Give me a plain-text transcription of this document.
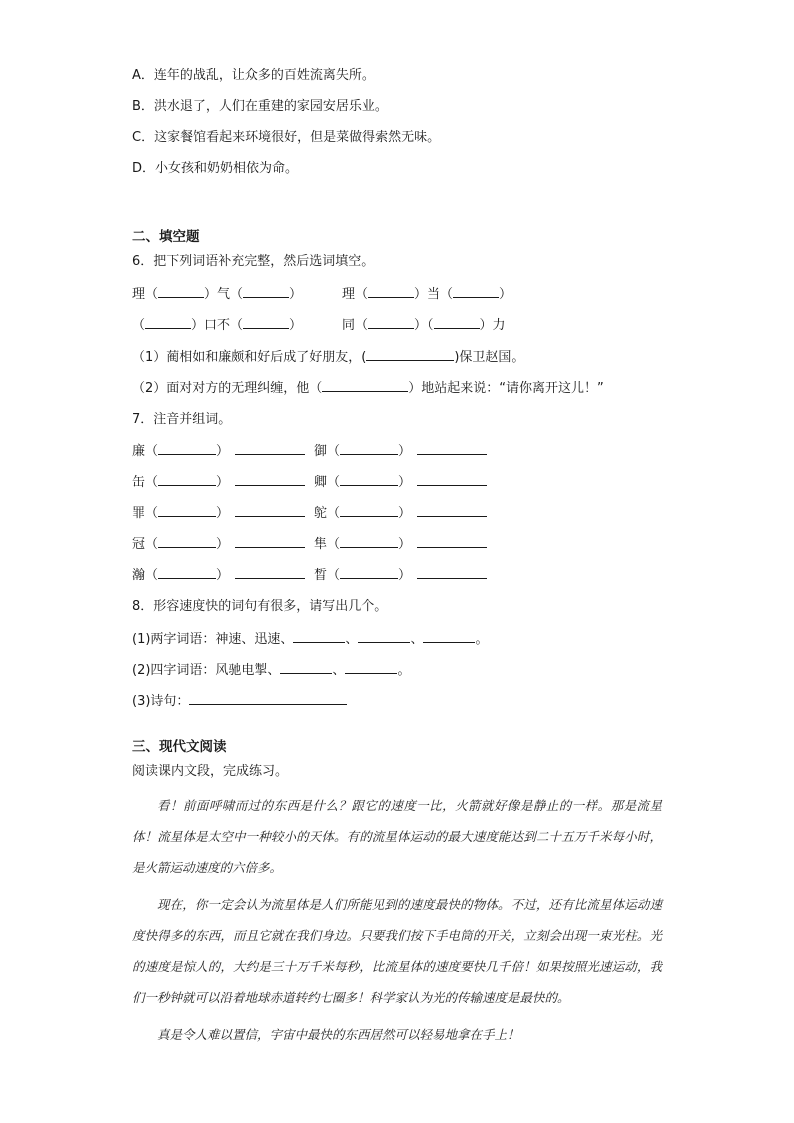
A．连年的战乱，让众多的百姓流离失所。
B．洪水退了，人们在重建的家园安居乐业。
C．这家餐馆看起来环境很好，但是菜做得索然无味。
D．小女孩和奶奶相依为命。
二、填空题
6．把下列词语补充完整，然后选词填空。
理（	）气（	）	理（	）当（	）
（	）口不（	）	同（	）（	）力
（1）蔺相如和廉颇和好后成了好朋友，(	)保卫赵国。
（2）面对对方的无理纠缠，他（	）地站起来说：“请你离开这儿！”
7．注音并组词。
廉（	）	御（	）
缶（	）	卿（	）
罪（	）	鸵（	）
冠（	）	隼（	）
瀚（	）	晳（	）
8．形容速度快的词句有很多，请写出几个。
(1)两字词语：神速、迅速、	、	、	。
(2)四字词语：风驰电掣、	、	。
(3)诗句：
三、现代文阅读
阅读课内文段，完成练习。

看！前面呼啸而过的东西是什么？跟它的速度一比，火箭就好像是静止的一样。那是流星体！流星体是太空中一种较小的天体。有的流星体运动的最大速度能达到二十五万千米每小时，是火箭运动速度的六倍多。

现在，你一定会认为流星体是人们所能见到的速度最快的物体。不过，还有比流星体运动速度快得多的东西，而且它就在我们身边。只要我们按下手电筒的开关，立刻会出现一束光柱。光的速度是惊人的，大约是三十万千米每秒，比流星体的速度要快几千倍！如果按照光速运动，我们一秒钟就可以沿着地球赤道转约七圈多！科学家认为光的传输速度是最快的。

真是令人难以置信，宇宙中最快的东西居然可以轻易地拿在手上！
